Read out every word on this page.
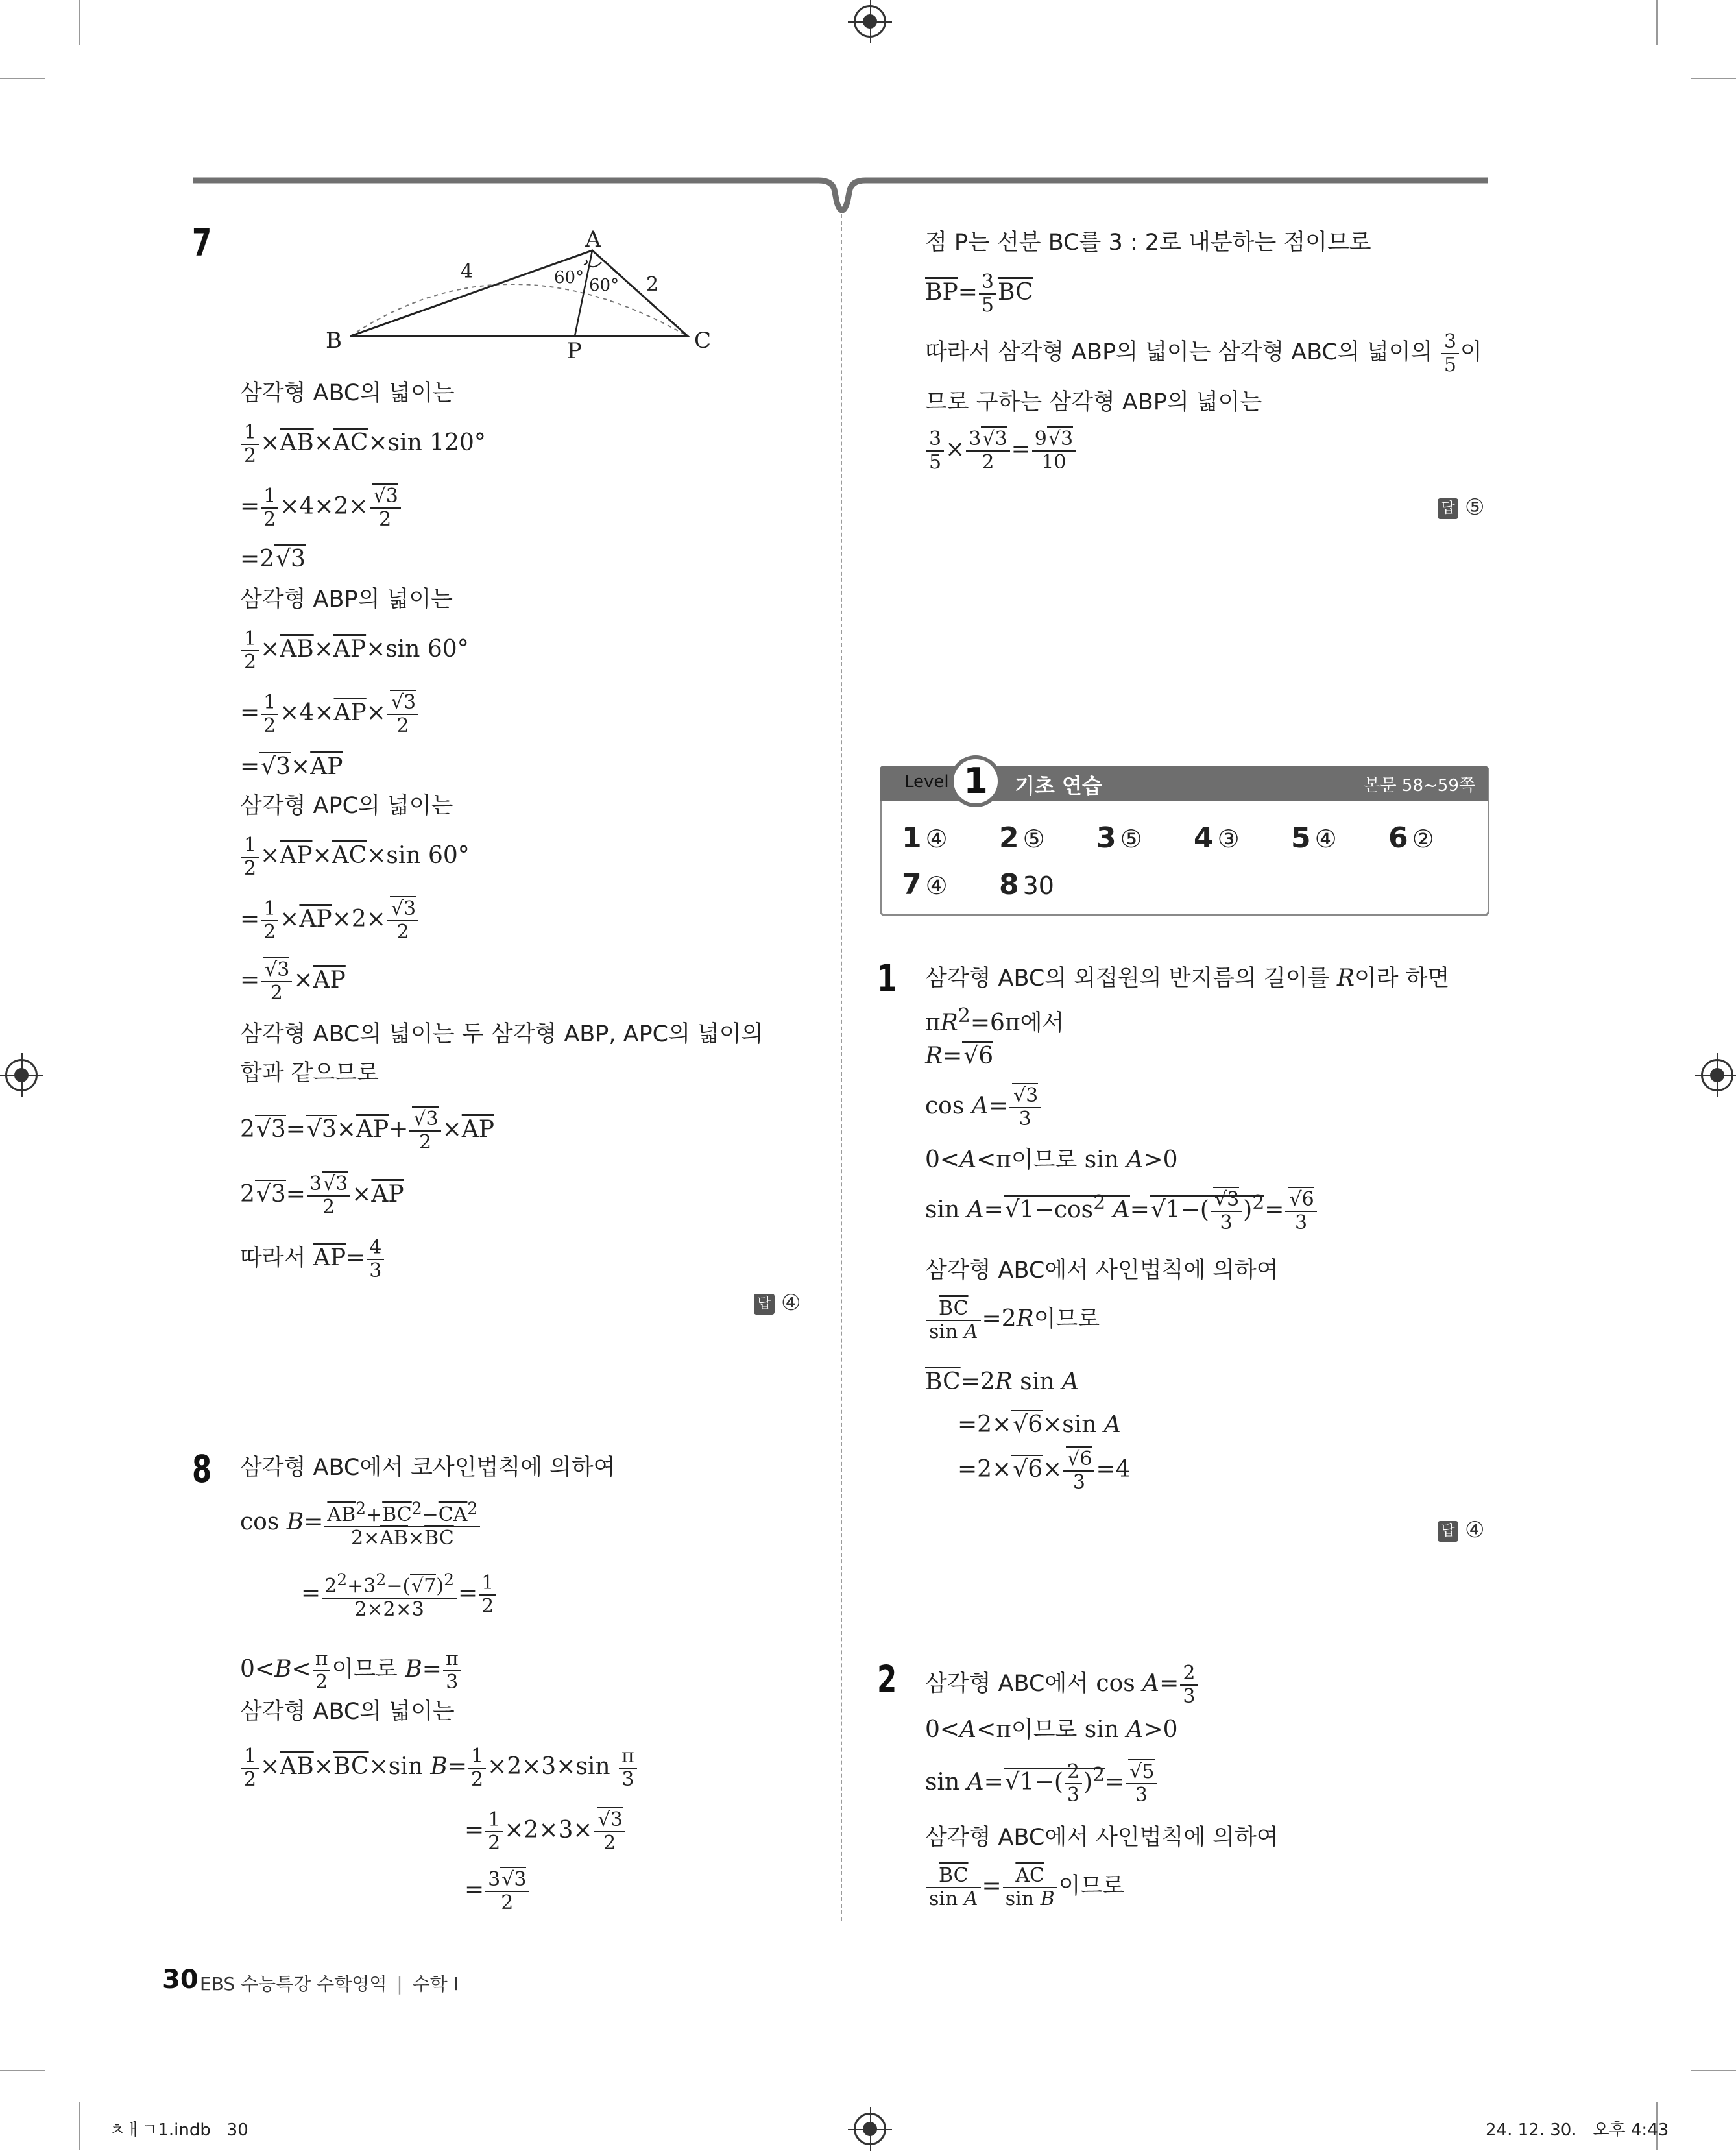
7	A
B	C
P
4
2
60° 60°
삼각형 ABC의 넓이는
$\frac{1}{2} \times\overline{AB}\times\overline{AC}\times\sin$ 120°
= $\frac{1}{2} \times 4\times 2\times$ √ $\frac{3}{2}$
=2 √ 3
삼각형 ABP의 넓이는
$\frac{1}{2} \times\overline{AB}\times\overline{AP}\times\sin$ 60°
= $\frac{1}{2} \times 4\times\overline{AP}\times$ √ $\frac{3}{2}$
= √ $3\times\overline{AP}$
삼각형 APC의 넓이는
$\frac{1}{2} \times\overline{AP}\times\overline{AC}\times\sin$ 60°
= $\frac{1}{2} \times\overline{AP}\times 2\times$ √ $\frac{3}{2}$
= √ $\frac{3}{2} \times\overline{AP}$
삼각형 ABC의 넓이는 두 삼각형 ABP, APC의 넓이의
합과 같으므로
2 √ 3= √ $3\times\overline{AP}+$ √ $\frac{3}{2} \times\overline{AP}$
2 √ $3= \frac{3 √ 3}{2} \times\overline{AP}$
따라서 $\overline{AP}= \frac{4}{3}$
답 ④
8 삼각형 ABC에서 코사인법칙에 의하여
$\cos B= \frac{\overline{AB}^2+\overline{BC}^2-\overline{CA}^2}{2\times\overline{AB}\times\overline{BC}}$
= $\frac{2^2+3^2-( √ 7)^2}{2\times 2\times 3} = \frac{1}{2}$
$0<B< \frac{\pi}{2}$ 이므로 $B= \frac{\pi}{3}$
삼각형 ABC의 넓이는
$\frac{1}{2} \times\overline{AB}\times\overline{BC}\times\sin$ $B= \frac{1}{2} \times 2\times 3\times\sin \frac{\pi}{3}$
= $\frac{1}{2} \times 2\times 3\times$ √ $\frac{3}{2}$
= $\frac{3 √ 3}{2}$
점 P는 선분 BC를 3 : 2로 내분하는 점이므로
$\overline{BP}= \frac{3}{5} \overline{BC}$
따라서 삼각형 ABP의 넓이는 삼각형 ABC의 넓이의 $\frac{3}{5}$ 이
므로 구하는 삼각형 ABP의 넓이는
$\frac{3}{5} \times \frac{3 √ 3}{2} = \frac{9 √ 3}{10}$
답 ⑤
Level	기초 연습	본문 58~59쪽
1
1 ④ 2 ⑤ 3 ⑤ 4 ③ 5 ④ 6 ②
7 ④ 8 30
1 삼각형 ABC의 외접원의 반지름의 길이를 R이라 하면
$\pi R^2=6\pi$에서
R= √ 6
cos A= √ $\frac{3}{3}$
0<A<π이므로 sin A>0
sin A= √ $1-\cos^2$ A= √ 1−( √ $\frac{3}{3} )^2=$ √ $\frac{6}{3}$
삼각형 ABC에서 사인법칙에 의하여
$\frac{\overline{BC}}{\text{sin A}} =2R$이므로
$\overline{BC}=2R$ sin A
=2× √ 6×sin A
=2× √ 6× √ $\frac{6}{3} =4$
답 ④
2 삼각형 ABC에서 $\cos A= \frac{2}{3}$
0<A<π이므로 sin A>0
sin A= √ $1-( \frac{2}{3} )^2=$ √ $\frac{5}{3}$
삼각형 ABC에서 사인법칙에 의하여
$\frac{\overline{BC}}{\text{sin A}} = \frac{\overline{AC}}{\text{sin B}}$ 이므로
30 EBS 수능특강 수학영역 | 수학 I
ㅊㅐㄱ1.indb   30	24. 12. 30.   오후 4:43
